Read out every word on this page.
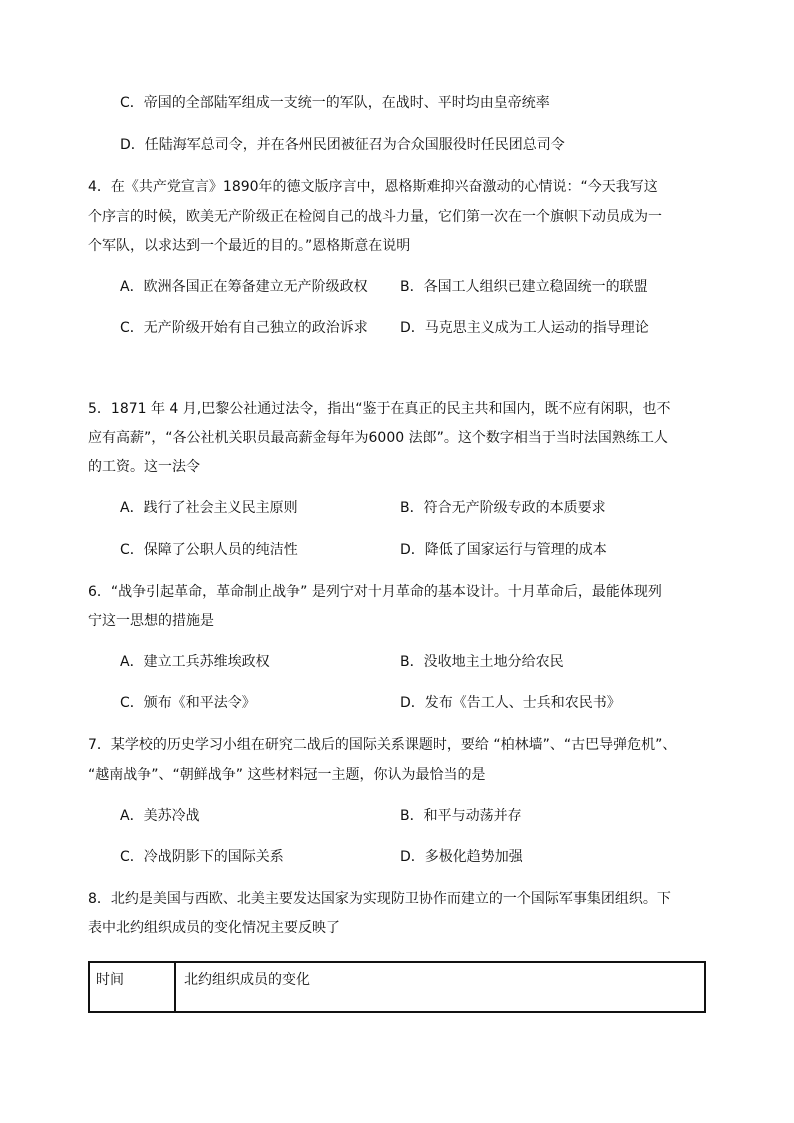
C．帝国的全部陆军组成一支统一的军队，在战时、平时均由皇帝统率
D．任陆海军总司令，并在各州民团被征召为合众国服役时任民团总司令
4．在《共产党宣言》1890年的德文版序言中，恩格斯难抑兴奋激动的心情说：“今天我写这
个序言的时候，欧美无产阶级正在检阅自己的战斗力量，它们第一次在一个旗帜下动员成为一
个军队，以求达到一个最近的目的。”恩格斯意在说明
A．欧洲各国正在筹备建立无产阶级政权 B．各国工人组织已建立稳固统一的联盟
C．无产阶级开始有自己独立的政治诉求 D．马克思主义成为工人运动的指导理论
5．1871 年 4 月,巴黎公社通过法令，指出“鉴于在真正的民主共和国内，既不应有闲职，也不
应有高薪”，“各公社机关职员最高薪金每年为6000 法郎”。这个数字相当于当时法国熟练工人
的工资。这一法令
A．践行了社会主义民主原则	B．符合无产阶级专政的本质要求
C．保障了公职人员的纯洁性	D．降低了国家运行与管理的成本
6．“战争引起革命，革命制止战争” 是列宁对十月革命的基本设计。十月革命后，最能体现列
宁这一思想的措施是
A．建立工兵苏维埃政权	B．没收地主土地分给农民
C．颁布《和平法令》	D．发布《告工人、士兵和农民书》
7．某学校的历史学习小组在研究二战后的国际关系课题时，要给 “柏林墙”、“古巴导弹危机”、
“越南战争”、“朝鲜战争” 这些材料冠一主题，你认为最恰当的是
A．美苏冷战	B．和平与动荡并存
C．冷战阴影下的国际关系	D．多极化趋势加强
8．北约是美国与西欧、北美主要发达国家为实现防卫协作而建立的一个国际军事集团组织。下
表中北约组织成员的变化情况主要反映了
时间	北约组织成员的变化
